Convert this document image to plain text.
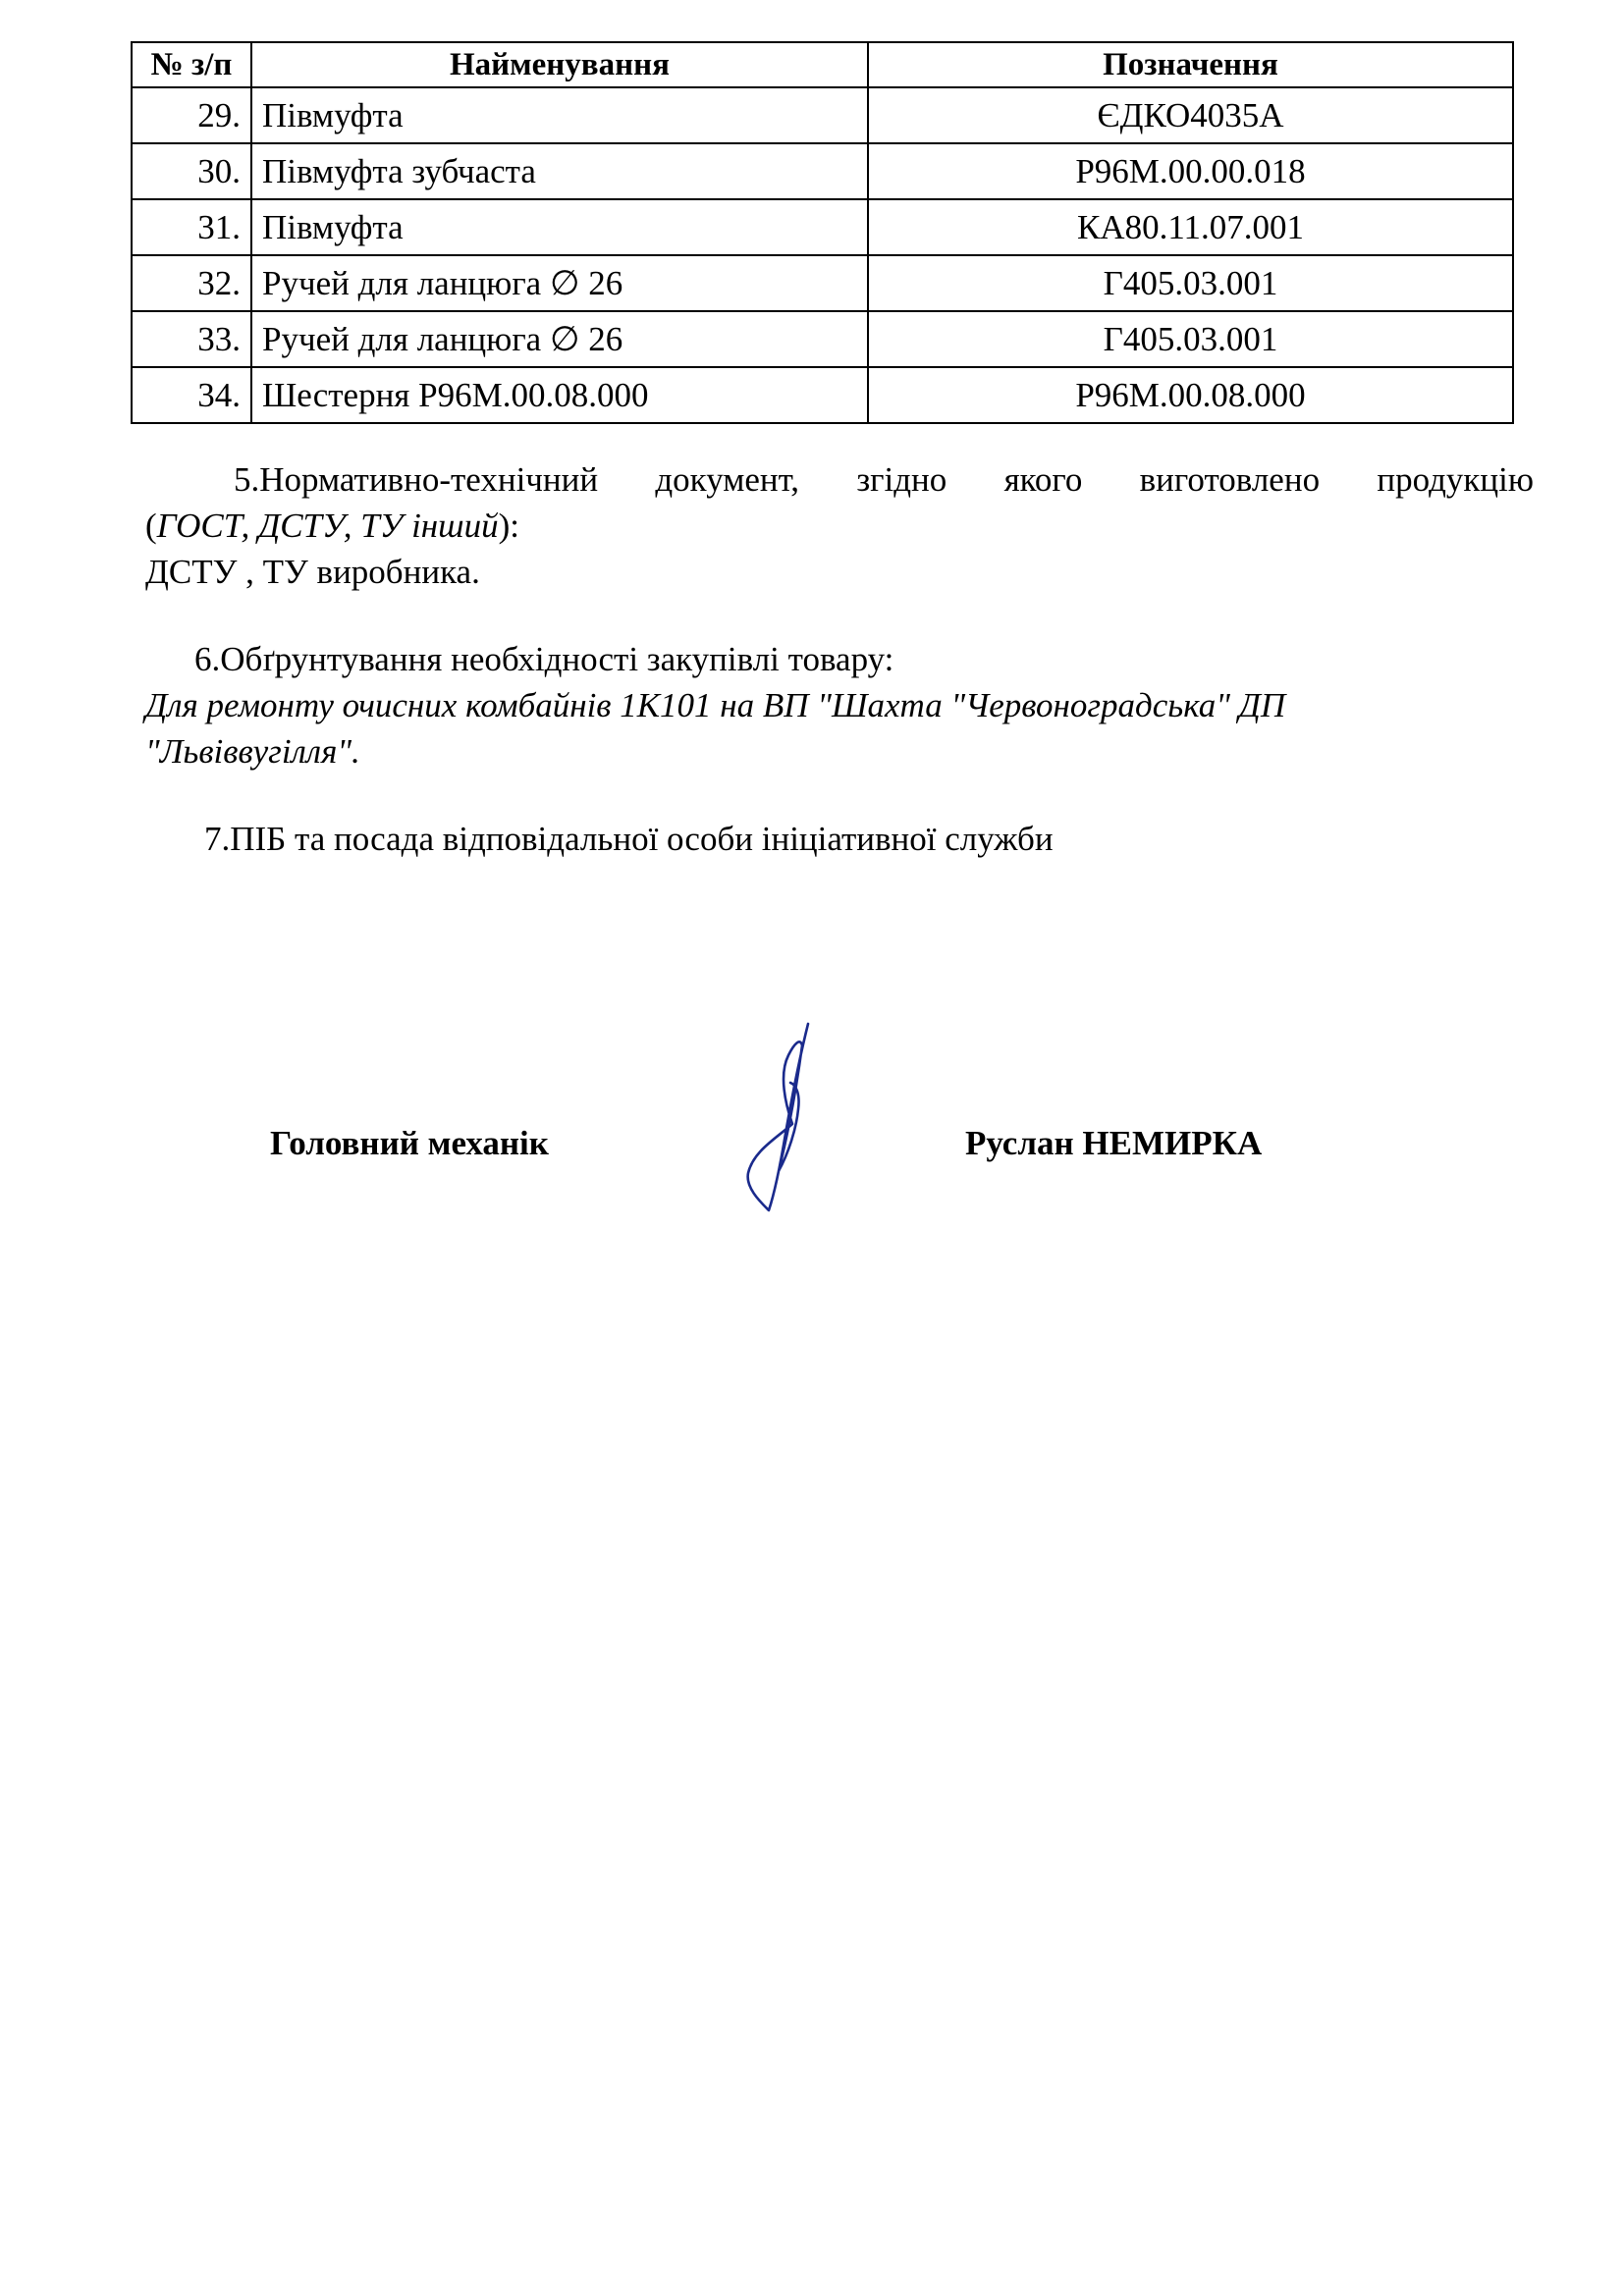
№ з/п	Найменування	Позначення
29.	Півмуфта	ЄДКО4035А
30.	Півмуфта зубчаста	Р96М.00.00.018
31.	Півмуфта	КА80.11.07.001
32.	Ручей для ланцюга ∅ 26	Г405.03.001
33.	Ручей для ланцюга ∅ 26	Г405.03.001
34.	Шестерня Р96М.00.08.000	Р96М.00.08.000
5.Нормативно-технічний документ, згідно якого виготовлено продукцію
(ГОСТ, ДСТУ, ТУ інший):
ДСТУ , ТУ виробника.
6.Обґрунтування необхідності закупівлі товару:
Для ремонту очисних комбайнів 1К101 на ВП "Шахта "Червоноградська" ДП
"Львіввугілля".
7.ПІБ та посада відповідальної особи ініціативної служби
Головний механік	Руслан НЕМИРКА
